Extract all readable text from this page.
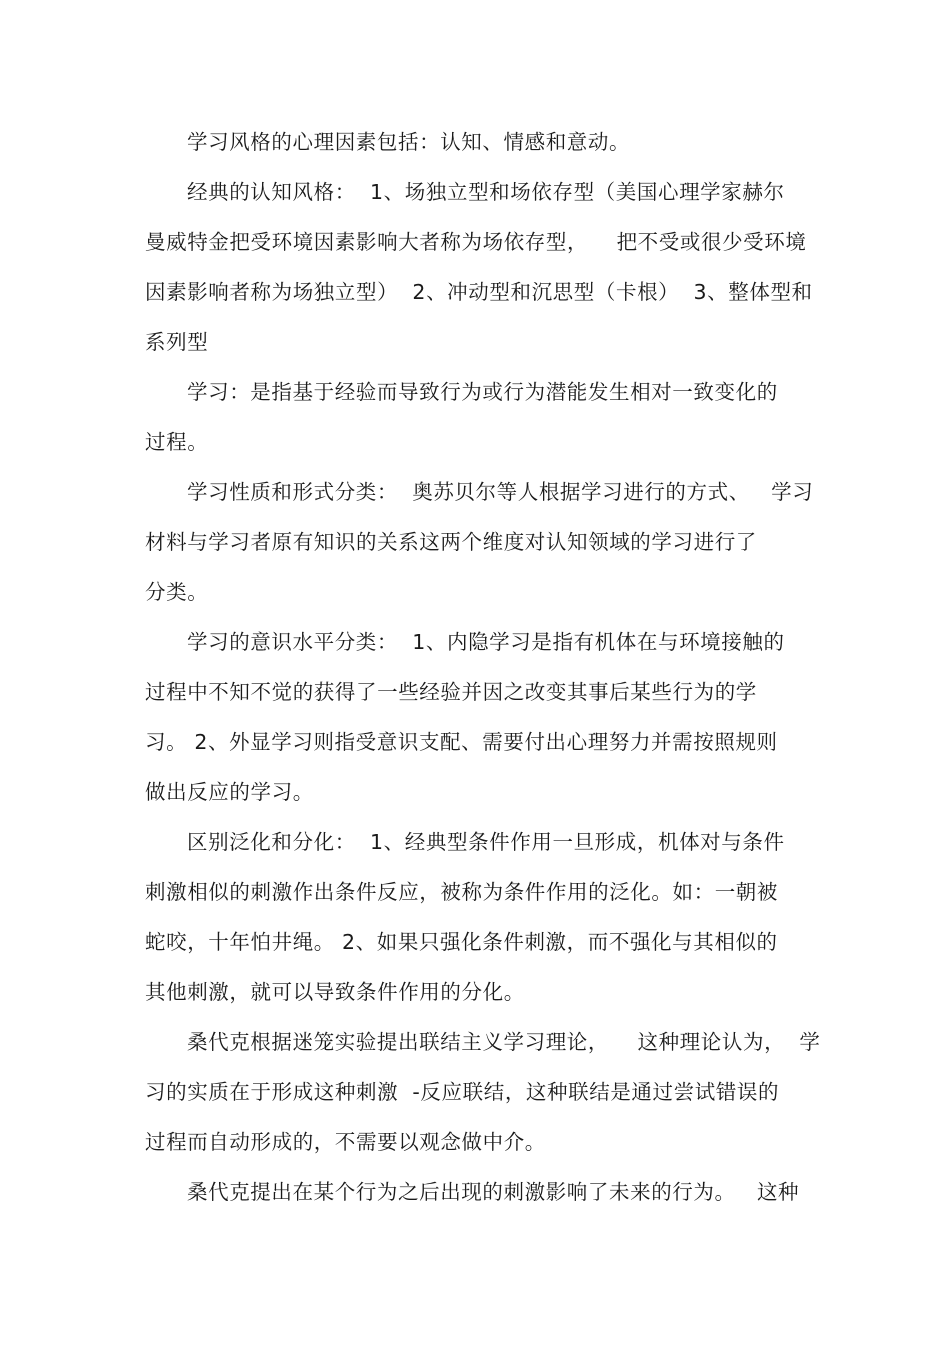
学习风格的心理因素包括：认知、情感和意动。
经典的认知风格：  1、场独立型和场依存型（美国心理学家赫尔
曼威特金把受环境因素影响大者称为场依存型，    把不受或很少受环境
因素影响者称为场独立型）  2、冲动型和沉思型（卡根）  3、整体型和
系列型
学习：是指基于经验而导致行为或行为潜能发生相对一致变化的
过程。
学习性质和形式分类：  奥苏贝尔等人根据学习进行的方式、   学习
材料与学习者原有知识的关系这两个维度对认知领域的学习进行了
分类。
学习的意识水平分类：  1、内隐学习是指有机体在与环境接触的
过程中不知不觉的获得了一些经验并因之改变其事后某些行为的学
习。 2、外显学习则指受意识支配、需要付出心理努力并需按照规则
做出反应的学习。
区别泛化和分化：  1、经典型条件作用一旦形成，机体对与条件
刺激相似的刺激作出条件反应，被称为条件作用的泛化。如：一朝被
蛇咬，十年怕井绳。 2、如果只强化条件刺激，而不强化与其相似的
其他刺激，就可以导致条件作用的分化。
桑代克根据迷笼实验提出联结主义学习理论，    这种理论认为，  学
习的实质在于形成这种刺激  -反应联结，这种联结是通过尝试错误的
过程而自动形成的，不需要以观念做中介。
桑代克提出在某个行为之后出现的刺激影响了未来的行为。   这种
